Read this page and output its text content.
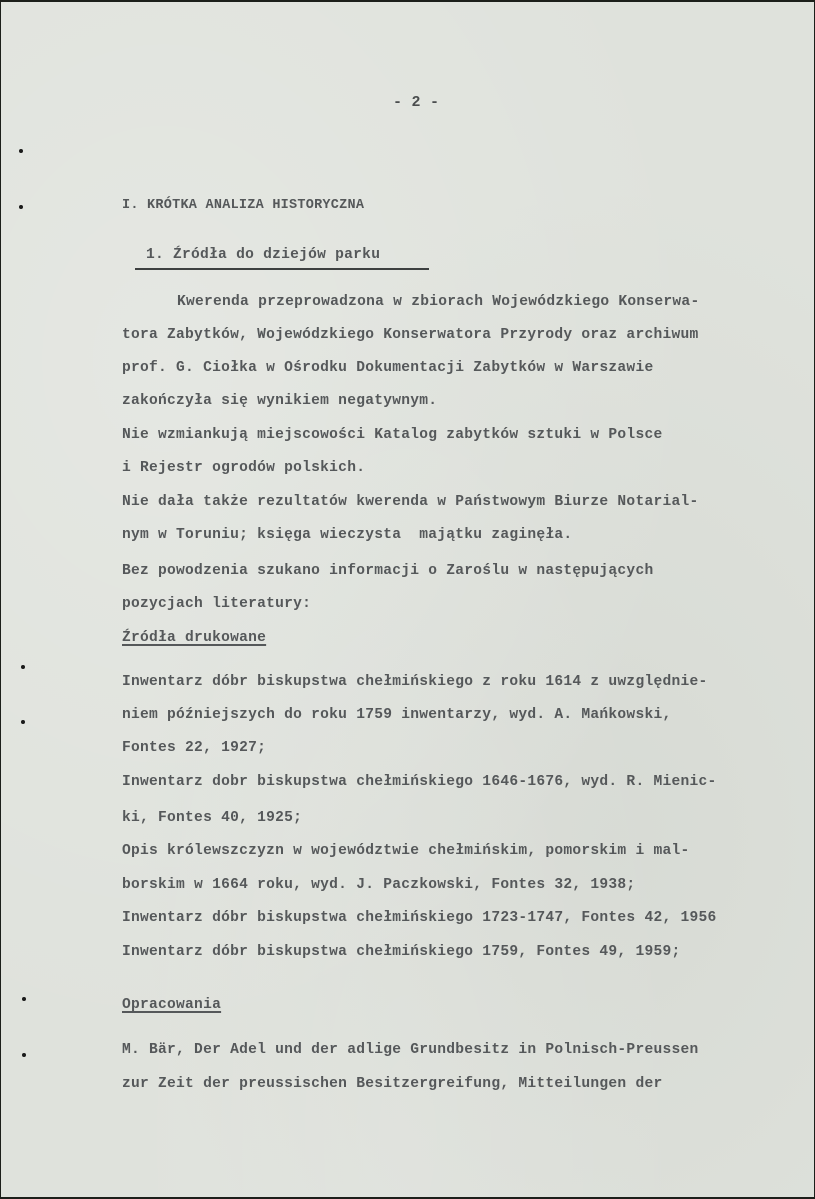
- 2 -
I. KRÓTKA ANALIZA HISTORYCZNA
1. Źródła do dziejów parku
Kwerenda przeprowadzona w zbiorach Wojewódzkiego Konserwa-
tora Zabytków, Wojewódzkiego Konserwatora Przyrody oraz archiwum
prof. G. Ciołka w Ośrodku Dokumentacji Zabytków w Warszawie
zakończyła się wynikiem negatywnym.
Nie wzmiankują miejscowości Katalog zabytków sztuki w Polsce
i Rejestr ogrodów polskich.
Nie dała także rezultatów kwerenda w Państwowym Biurze Notarial-
nym w Toruniu; księga wieczysta  majątku zaginęła.
Bez powodzenia szukano informacji o Zaroślu w następujących
pozycjach literatury:
Źródła drukowane
Inwentarz dóbr biskupstwa chełmińskiego z roku 1614 z uwzględnie-
niem późniejszych do roku 1759 inwentarzy, wyd. A. Mańkowski,
Fontes 22, 1927;
Inwentarz dobr biskupstwa chełmińskiego 1646-1676, wyd. R. Mienic-
ki, Fontes 40, 1925;
Opis królewszczyzn w województwie chełmińskim, pomorskim i mal-
borskim w 1664 roku, wyd. J. Paczkowski, Fontes 32, 1938;
Inwentarz dóbr biskupstwa chełmińskiego 1723-1747, Fontes 42, 1956
Inwentarz dóbr biskupstwa chełmińskiego 1759, Fontes 49, 1959;
Opracowania
M. Bär, Der Adel und der adlige Grundbesitz in Polnisch-Preussen
zur Zeit der preussischen Besitzergreifung, Mitteilungen der
